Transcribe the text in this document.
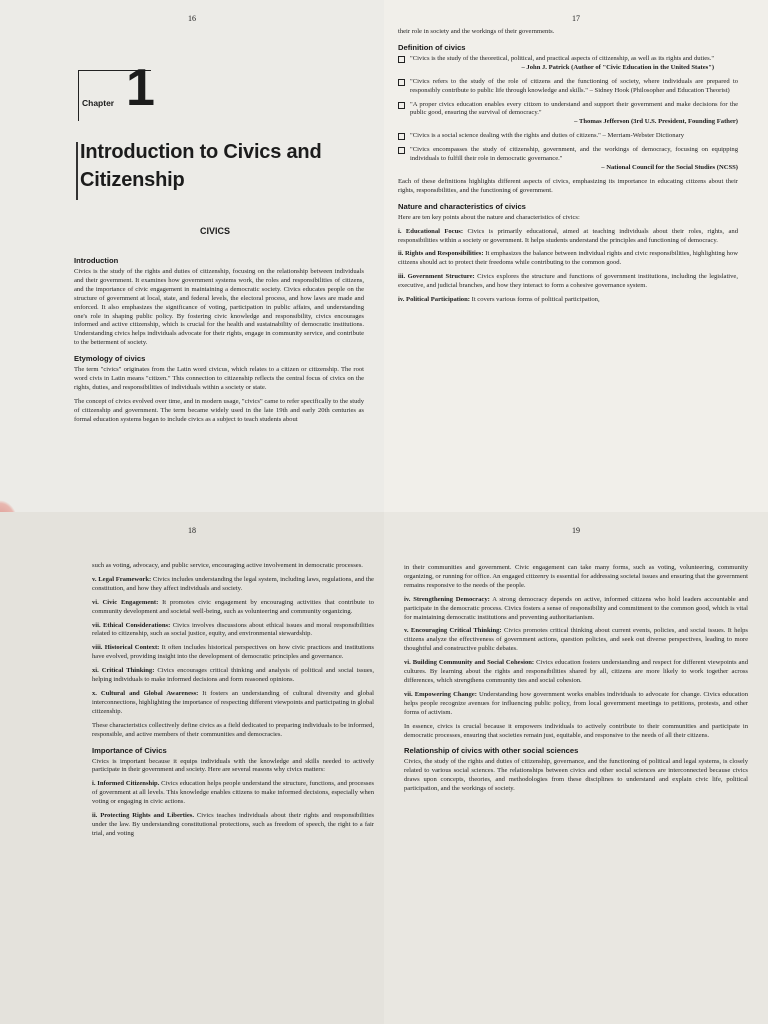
16
Chapter 1
Introduction to Civics and Citizenship
CIVICS
Introduction

Civics is the study of the rights and duties of citizenship, focusing on the relationship between individuals and their government. It examines how government systems work, the roles and responsibilities of citizens, and the importance of civic engagement in maintaining a democratic society. Civics educates people on the structure of government at local, state, and federal levels, the electoral process, and how laws are made and enforced. It also emphasizes the significance of voting, participation in public affairs, and understanding one's role in shaping public policy. By fostering civic knowledge and responsibility, civics encourages informed and active citizenship, which is crucial for the health and sustainability of democratic institutions. Understanding civics helps individuals advocate for their rights, engage in community service, and contribute to the betterment of society.

Etymology of civics

The term "civics" originates from the Latin word civicus, which relates to a citizen or citizenship. The root word civis in Latin means "citizen." This connection to citizenship reflects the central focus of civics on the rights, duties, and responsibilities of individuals within a society or state.

The concept of civics evolved over time, and in modern usage, "civics" came to refer specifically to the study of citizenship and government. The term became widely used in the late 19th and early 20th centuries as formal education systems began to include civics as a subject to teach students about

17

their role in society and the workings of their governments.

Definition of civics

"Civics is the study of the theoretical, political, and practical aspects of citizenship, as well as its rights and duties."

– John J. Patrick (Author of "Civic Education in the United States")

"Civics refers to the study of the role of citizens and the functioning of society, where individuals are prepared to responsibly contribute to public life through knowledge and skills." – Sidney Hook (Philosopher and Education Theorist)

"A proper civics education enables every citizen to understand and support their government and make decisions for the public good, ensuring the survival of democracy."

– Thomas Jefferson (3rd U.S. President, Founding Father)

"Civics is a social science dealing with the rights and duties of citizens." – Merriam-Webster Dictionary

"Civics encompasses the study of citizenship, government, and the workings of democracy, focusing on equipping individuals to fulfill their role in democratic governance."

– National Council for the Social Studies (NCSS)

Each of these definitions highlights different aspects of civics, emphasizing its importance in educating citizens about their rights, responsibilities, and the functioning of government.

Nature and characteristics of civics

Here are ten key points about the nature and characteristics of civics:

i. Educational Focus: Civics is primarily educational, aimed at teaching individuals about their roles, rights, and responsibilities within a society or government. It helps students understand the principles and functioning of democracy.

ii. Rights and Responsibilities: It emphasizes the balance between individual rights and civic responsibilities, highlighting how citizens should act to protect their freedoms while contributing to the common good.

iii. Government Structure: Civics explores the structure and functions of government institutions, including the legislative, executive, and judicial branches, and how they interact to form a cohesive governance system.

iv. Political Participation: It covers various forms of political participation,

18

such as voting, advocacy, and public service, encouraging active involvement in democratic processes.

v. Legal Framework: Civics includes understanding the legal system, including laws, regulations, and the constitution, and how they affect individuals and society.

vi. Civic Engagement: It promotes civic engagement by encouraging activities that contribute to community development and societal well-being, such as volunteering and community organizing.

vii. Ethical Considerations: Civics involves discussions about ethical issues and moral responsibilities related to citizenship, such as social justice, equity, and environmental stewardship.

viii. Historical Context: It often includes historical perspectives on how civic practices and institutions have evolved, providing insight into the development of democratic principles and governance.

xi. Critical Thinking: Civics encourages critical thinking and analysis of political and social issues, helping individuals to make informed decisions and form reasoned opinions.

x. Cultural and Global Awareness: It fosters an understanding of cultural diversity and global interconnections, highlighting the importance of respecting different viewpoints and participating in global citizenship.

These characteristics collectively define civics as a field dedicated to preparing individuals to be informed, responsible, and active members of their communities and democracies.

Importance of Civics

Civics is important because it equips individuals with the knowledge and skills needed to actively participate in their government and society. Here are several reasons why civics matters:

i. Informed Citizenship. Civics education helps people understand the structure, functions, and processes of government at all levels. This knowledge enables citizens to make informed decisions, especially when voting or engaging in civic actions.

ii. Protecting Rights and Liberties. Civics teaches individuals about their rights and responsibilities under the law. By understanding constitutional protections, such as freedom of speech, the right to a fair trial, and voting

19

in their communities and government. Civic engagement can take many forms, such as voting, volunteering, community organizing, or running for office. An engaged citizenry is essential for addressing societal issues and ensuring that the government remains responsive to the needs of the people.

iv. Strengthening Democracy: A strong democracy depends on active, informed citizens who hold leaders accountable and participate in the democratic process. Civics fosters a sense of responsibility and commitment to the common good, which is vital for maintaining democratic institutions and preventing authoritarianism.

v. Encouraging Critical Thinking: Civics promotes critical thinking about current events, policies, and social issues. It helps citizens analyze the effectiveness of government actions, question policies, and seek out diverse perspectives, leading to more thoughtful and constructive public debates.

vi. Building Community and Social Cohesion: Civics education fosters understanding and respect for different viewpoints and cultures. By learning about the rights and responsibilities shared by all, citizens are more likely to work together across differences, which strengthens community ties and social cohesion.

vii. Empowering Change: Understanding how government works enables individuals to advocate for change. Civics education helps people recognize avenues for influencing public policy, from local government meetings to petitions, protests, and other forms of activism.

In essence, civics is crucial because it empowers individuals to actively contribute to their communities and participate in democratic processes, ensuring that societies remain just, equitable, and responsive to the needs of all their citizens.

Relationship of civics with other social sciences

Civics, the study of the rights and duties of citizenship, governance, and the functioning of political and legal systems, is closely related to various social sciences. The relationships between civics and other social sciences are interconnected because civics draws upon concepts, theories, and methodologies from these disciplines to understand and explain civic life, political participation, and the workings of society.
